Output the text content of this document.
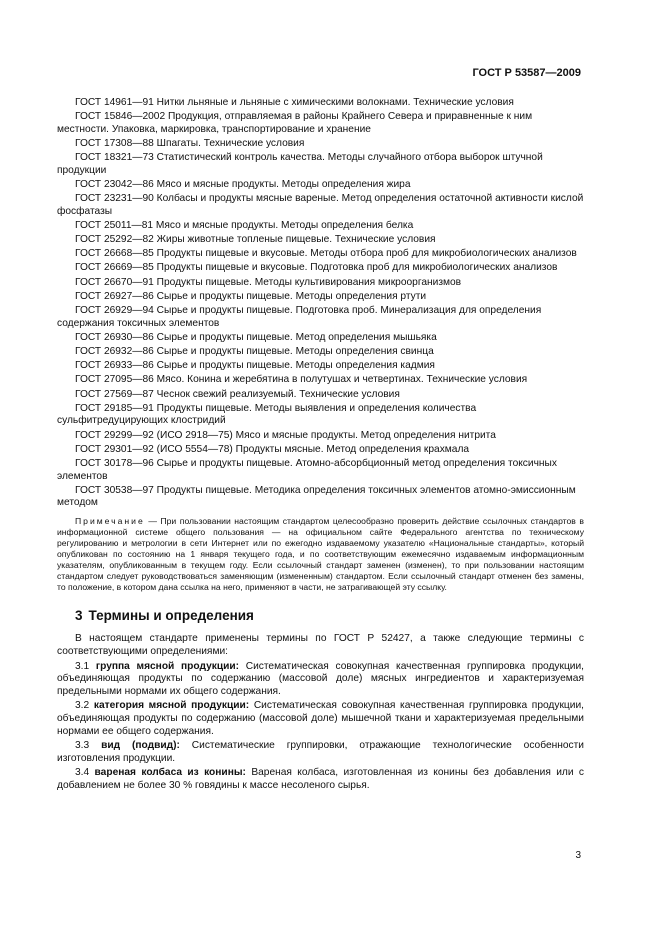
ГОСТ Р 53587—2009

ГОСТ 14961—91 Нитки льняные и льняные с химическими волокнами. Технические условия

ГОСТ 15846—2002 Продукция, отправляемая в районы Крайнего Севера и приравненные к ним местности. Упаковка, маркировка, транспортирование и хранение

ГОСТ 17308—88 Шпагаты. Технические условия

ГОСТ 18321—73 Статистический контроль качества. Методы случайного отбора выборок штучной продукции

ГОСТ 23042—86 Мясо и мясные продукты. Методы определения жира

ГОСТ 23231—90 Колбасы и продукты мясные вареные. Метод определения остаточной активности кислой фосфатазы

ГОСТ 25011—81 Мясо и мясные продукты. Методы определения белка

ГОСТ 25292—82 Жиры животные топленые пищевые. Технические условия

ГОСТ 26668—85 Продукты пищевые и вкусовые. Методы отбора проб для микробиологических анализов

ГОСТ 26669—85 Продукты пищевые и вкусовые. Подготовка проб для микробиологических анализов

ГОСТ 26670—91 Продукты пищевые. Методы культивирования микроорганизмов

ГОСТ 26927—86 Сырье и продукты пищевые. Методы определения ртути

ГОСТ 26929—94 Сырье и продукты пищевые. Подготовка проб. Минерализация для определения содержания токсичных элементов

ГОСТ 26930—86 Сырье и продукты пищевые. Метод определения мышьяка

ГОСТ 26932—86 Сырье и продукты пищевые. Методы определения свинца

ГОСТ 26933—86 Сырье и продукты пищевые. Методы определения кадмия

ГОСТ 27095—86 Мясо. Конина и жеребятина в полутушах и четвертинах. Технические условия

ГОСТ 27569—87 Чеснок свежий реализуемый. Технические условия

ГОСТ 29185—91 Продукты пищевые. Методы выявления и определения количества сульфитредуцирующих клостридий

ГОСТ 29299—92 (ИСО 2918—75) Мясо и мясные продукты. Метод определения нитрита

ГОСТ 29301—92 (ИСО 5554—78) Продукты мясные. Метод определения крахмала

ГОСТ 30178—96 Сырье и продукты пищевые. Атомно-абсорбционный метод определения токсичных элементов

ГОСТ 30538—97 Продукты пищевые. Методика определения токсичных элементов атомно-эмиссионным методом

Примечание — При пользовании настоящим стандартом целесообразно проверить действие ссылочных стандартов в информационной системе общего пользования — на официальном сайте Федерального агентства по техническому регулированию и метрологии в сети Интернет или по ежегодно издаваемому указателю «Национальные стандарты», который опубликован по состоянию на 1 января текущего года, и по соответствующим ежемесячно издаваемым информационным указателям, опубликованным в текущем году. Если ссылочный стандарт заменен (изменен), то при пользовании настоящим стандартом следует руководствоваться заменяющим (измененным) стандартом. Если ссылочный стандарт отменен без замены, то положение, в котором дана ссылка на него, применяют в части, не затрагивающей эту ссылку.
3 Термины и определения

В настоящем стандарте применены термины по ГОСТ Р 52427, а также следующие термины с соответствующими определениями:

3.1 группа мясной продукции: Систематическая совокупная качественная группировка продукции, объединяющая продукты по содержанию (массовой доле) мясных ингредиентов и характеризуемая предельными нормами их общего содержания.

3.2 категория мясной продукции: Систематическая совокупная качественная группировка продукции, объединяющая продукты по содержанию (массовой доле) мышечной ткани и характеризуемая предельными нормами ее общего содержания.

3.3 вид (подвид): Систематические группировки, отражающие технологические особенности изготовления продукции.

3.4 вареная колбаса из конины: Вареная колбаса, изготовленная из конины без добавления или с добавлением не более 30 % говядины к массе несоленого сырья.

3
